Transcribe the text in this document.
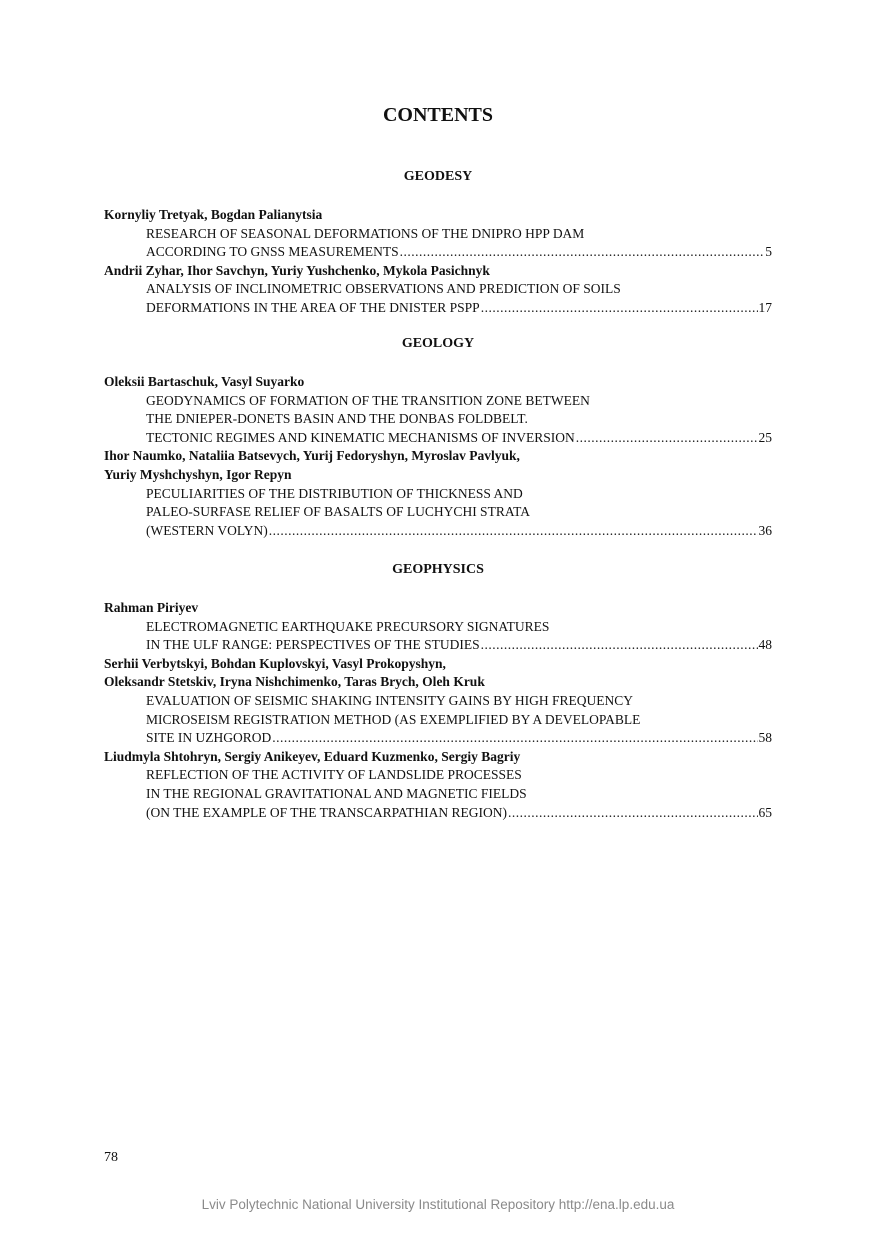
CONTENTS
GEODESY
Kornyliy Tretyak, Bogdan Palianytsia
RESEARCH OF SEASONAL DEFORMATIONS OF THE DNIPRO HPP DAM
ACCORDING TO GNSS MEASUREMENTS .....	5
Andrii Zyhar, Ihor Savchyn, Yuriy Yushchenko, Mykola Pasichnyk
ANALYSIS OF INCLINOMETRIC OBSERVATIONS AND PREDICTION OF SOILS
DEFORMATIONS IN THE AREA OF THE DNISTER PSPP .....	17
GEOLOGY
Oleksii Bartaschuk, Vasyl Suyarko
GEODYNAMICS OF FORMATION OF THE TRANSITION ZONE BETWEEN
THE DNIEPER-DONETS BASIN AND THE DONBAS FOLDBELT.
TECTONIC REGIMES AND KINEMATIC MECHANISMS OF INVERSION .....	25
Ihor Naumko, Nataliia Batsevych, Yurij Fedoryshyn, Myroslav Pavlyuk,
Yuriy Myshchyshyn, Igor Repyn
PECULIARITIES OF THE DISTRIBUTION OF THICKNESS AND
PALEO-SURFASE RELIEF OF BASALTS OF LUCHYCHI STRATA
(WESTERN VOLYN) .....	36
GEOPHYSICS
Rahman Piriyev
ELECTROMAGNETIC EARTHQUAKE PRECURSORY SIGNATURES
IN THE ULF RANGE: PERSPECTIVES OF THE STUDIES .....	48
Serhii Verbytskyi, Bohdan Kuplovskyi, Vasyl Prokopyshyn,
Oleksandr Stetskiv, Iryna Nishchimenko, Taras Brych, Oleh Kruk
EVALUATION OF SEISMIC SHAKING INTENSITY GAINS BY HIGH FREQUENCY
MICROSEISM REGISTRATION METHOD (AS EXEMPLIFIED BY A DEVELOPABLE
SITE IN UZHGOROD .....	58
Liudmyla Shtohryn, Sergiy Anikeyev, Eduard Kuzmenko, Sergiy Bagriy
REFLECTION OF THE ACTIVITY OF LANDSLIDE PROCESSES
IN THE REGIONAL GRAVITATIONAL AND MAGNETIC FIELDS
(ON THE EXAMPLE OF THE TRANSCARPATHIAN REGION) .....	65
78
Lviv Polytechnic National University Institutional Repository http://ena.lp.edu.ua
